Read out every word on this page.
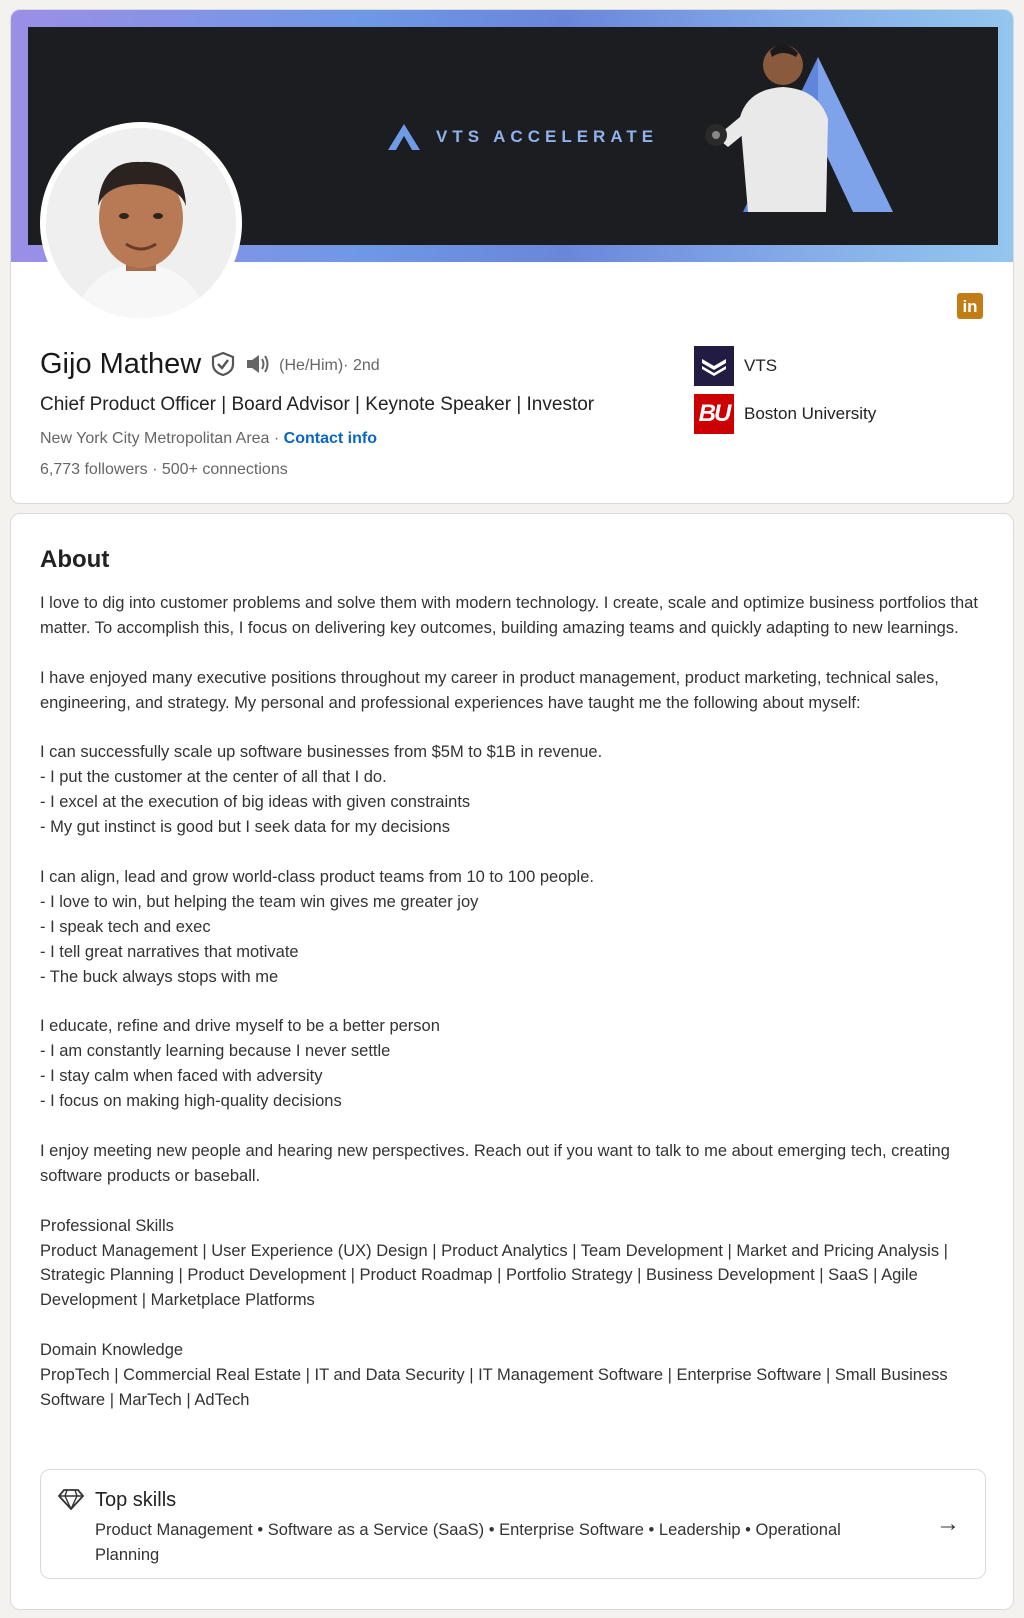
VTS ACCELERATE
in
Gijo Mathew	(He/Him) · 2nd
Chief Product Officer | Board Advisor | Keynote Speaker | Investor
New York City Metropolitan Area · Contact info
6,773 followers · 500+ connections
VTS
BU Boston University
About
I love to dig into customer problems and solve them with modern technology. I create, scale and optimize business portfolios that matter. To accomplish this, I focus on delivering key outcomes, building amazing teams and quickly adapting to new learnings.

I have enjoyed many executive positions throughout my career in product management, product marketing, technical sales, engineering, and strategy. My personal and professional experiences have taught me the following about myself:

I can successfully scale up software businesses from $5M to $1B in revenue.
- I put the customer at the center of all that I do.
- I excel at the execution of big ideas with given constraints
- My gut instinct is good but I seek data for my decisions

I can align, lead and grow world-class product teams from 10 to 100 people.
- I love to win, but helping the team win gives me greater joy
- I speak tech and exec
- I tell great narratives that motivate
- The buck always stops with me

I educate, refine and drive myself to be a better person
- I am constantly learning because I never settle
- I stay calm when faced with adversity
- I focus on making high-quality decisions

I enjoy meeting new people and hearing new perspectives. Reach out if you want to talk to me about emerging tech, creating software products or baseball.

Professional Skills
Product Management | User Experience (UX) Design | Product Analytics | Team Development | Market and Pricing Analysis | Strategic Planning | Product Development | Product Roadmap | Portfolio Strategy | Business Development | SaaS | Agile Development | Marketplace Platforms

Domain Knowledge
PropTech | Commercial Real Estate | IT and Data Security | IT Management Software | Enterprise Software | Small Business Software | MarTech | AdTech
Top skills
Product Management • Software as a Service (SaaS) • Enterprise Software • Leadership • Operational Planning
→
